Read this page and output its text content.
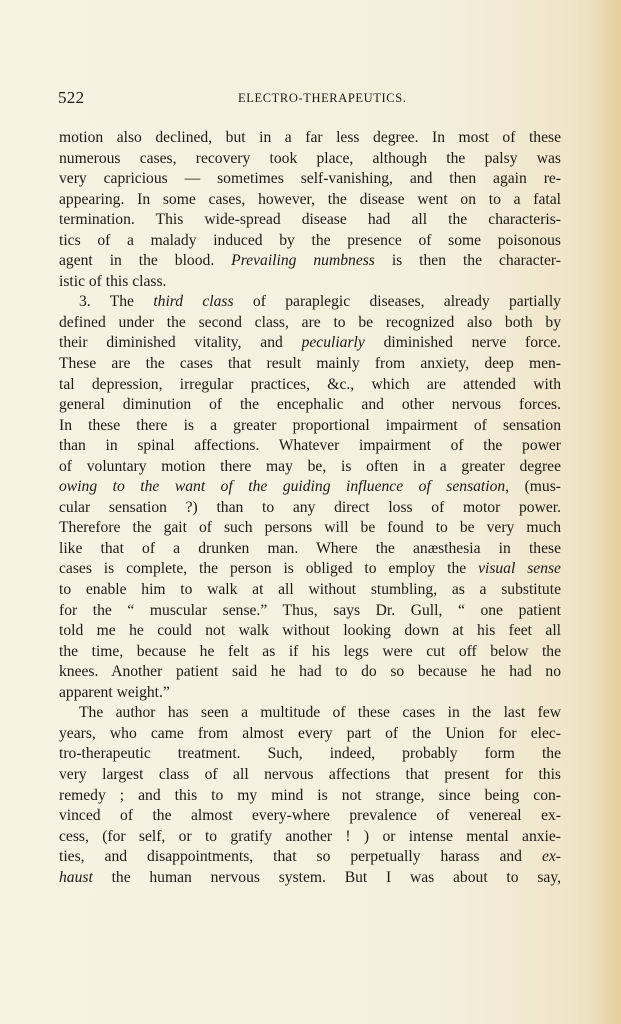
522	ELECTRO-THERAPEUTICS.
motion also declined, but in a far less degree. In most of these
numerous cases, recovery took place, although the palsy was
very capricious — sometimes self-vanishing, and then again re-
appearing. In some cases, however, the disease went on to a fatal
termination. This wide-spread disease had all the characteris-
tics of a malady induced by the presence of some poisonous
agent in the blood. Prevailing numbness is then the character-
istic of this class.
3. The third class of paraplegic diseases, already partially
defined under the second class, are to be recognized also both by
their diminished vitality, and peculiarly diminished nerve force.
These are the cases that result mainly from anxiety, deep men-
tal depression, irregular practices, &c., which are attended with
general diminution of the encephalic and other nervous forces.
In these there is a greater proportional impairment of sensation
than in spinal affections. Whatever impairment of the power
of voluntary motion there may be, is often in a greater degree
owing to the want of the guiding influence of sensation, (mus-
cular sensation ?) than to any direct loss of motor power.
Therefore the gait of such persons will be found to be very much
like that of a drunken man. Where the anæsthesia in these
cases is complete, the person is obliged to employ the visual sense
to enable him to walk at all without stumbling, as a substitute
for the “ muscular sense.” Thus, says Dr. Gull, “ one patient
told me he could not walk without looking down at his feet all
the time, because he felt as if his legs were cut off below the
knees. Another patient said he had to do so because he had no
apparent weight.”
The author has seen a multitude of these cases in the last few
years, who came from almost every part of the Union for elec-
tro-therapeutic treatment. Such, indeed, probably form the
very largest class of all nervous affections that present for this
remedy ; and this to my mind is not strange, since being con-
vinced of the almost every-where prevalence of venereal ex-
cess, (for self, or to gratify another ! ) or intense mental anxie-
ties, and disappointments, that so perpetually harass and ex-
haust the human nervous system. But I was about to say,
